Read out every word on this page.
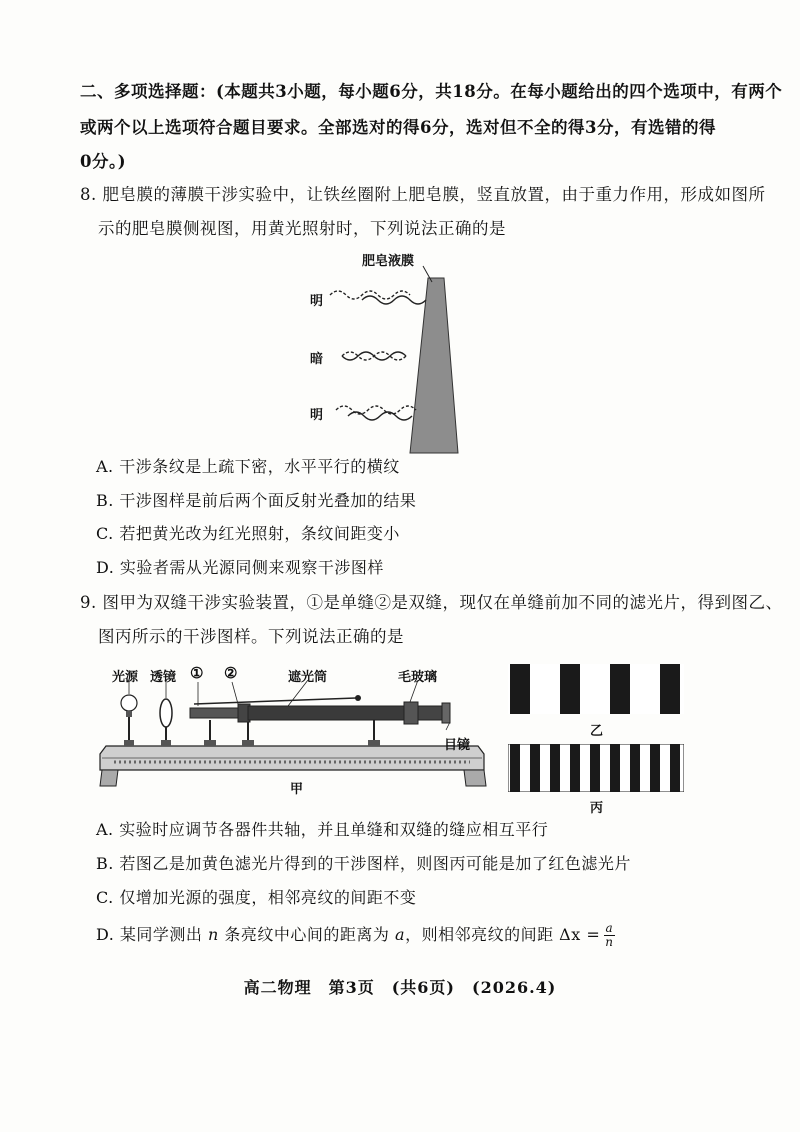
二、多项选择题：(本题共3小题，每小题6分，共18分。在每小题给出的四个选项中，有两个
或两个以上选项符合题目要求。全部选对的得6分，选对但不全的得3分，有选错的得
0分。)
8. 肥皂膜的薄膜干涉实验中，让铁丝圈附上肥皂膜，竖直放置，由于重力作用，形成如图所
示的肥皂膜侧视图，用黄光照射时，下列说法正确的是
肥皂液膜
明
暗
明
A. 干涉条纹是上疏下密，水平平行的横纹
B. 干涉图样是前后两个面反射光叠加的结果
C. 若把黄光改为红光照射，条纹间距变小
D. 实验者需从光源同侧来观察干涉图样
9. 图甲为双缝干涉实验装置，①是单缝②是双缝，现仅在单缝前加不同的滤光片，得到图乙、
图丙所示的干涉图样。下列说法正确的是
光源 透镜 ① ②	遮光筒	毛玻璃
目镜
甲
乙
丙
A. 实验时应调节各器件共轴，并且单缝和双缝的缝应相互平行
B. 若图乙是加黄色滤光片得到的干涉图样，则图丙可能是加了红色滤光片
C. 仅增加光源的强度，相邻亮纹的间距不变
D. 某同学测出 n 条亮纹中心间的距离为 a，则相邻亮纹的间距 $\Delta x = \frac{a}{n}$
高二物理　第3页　(共6页)　(2026.4)
